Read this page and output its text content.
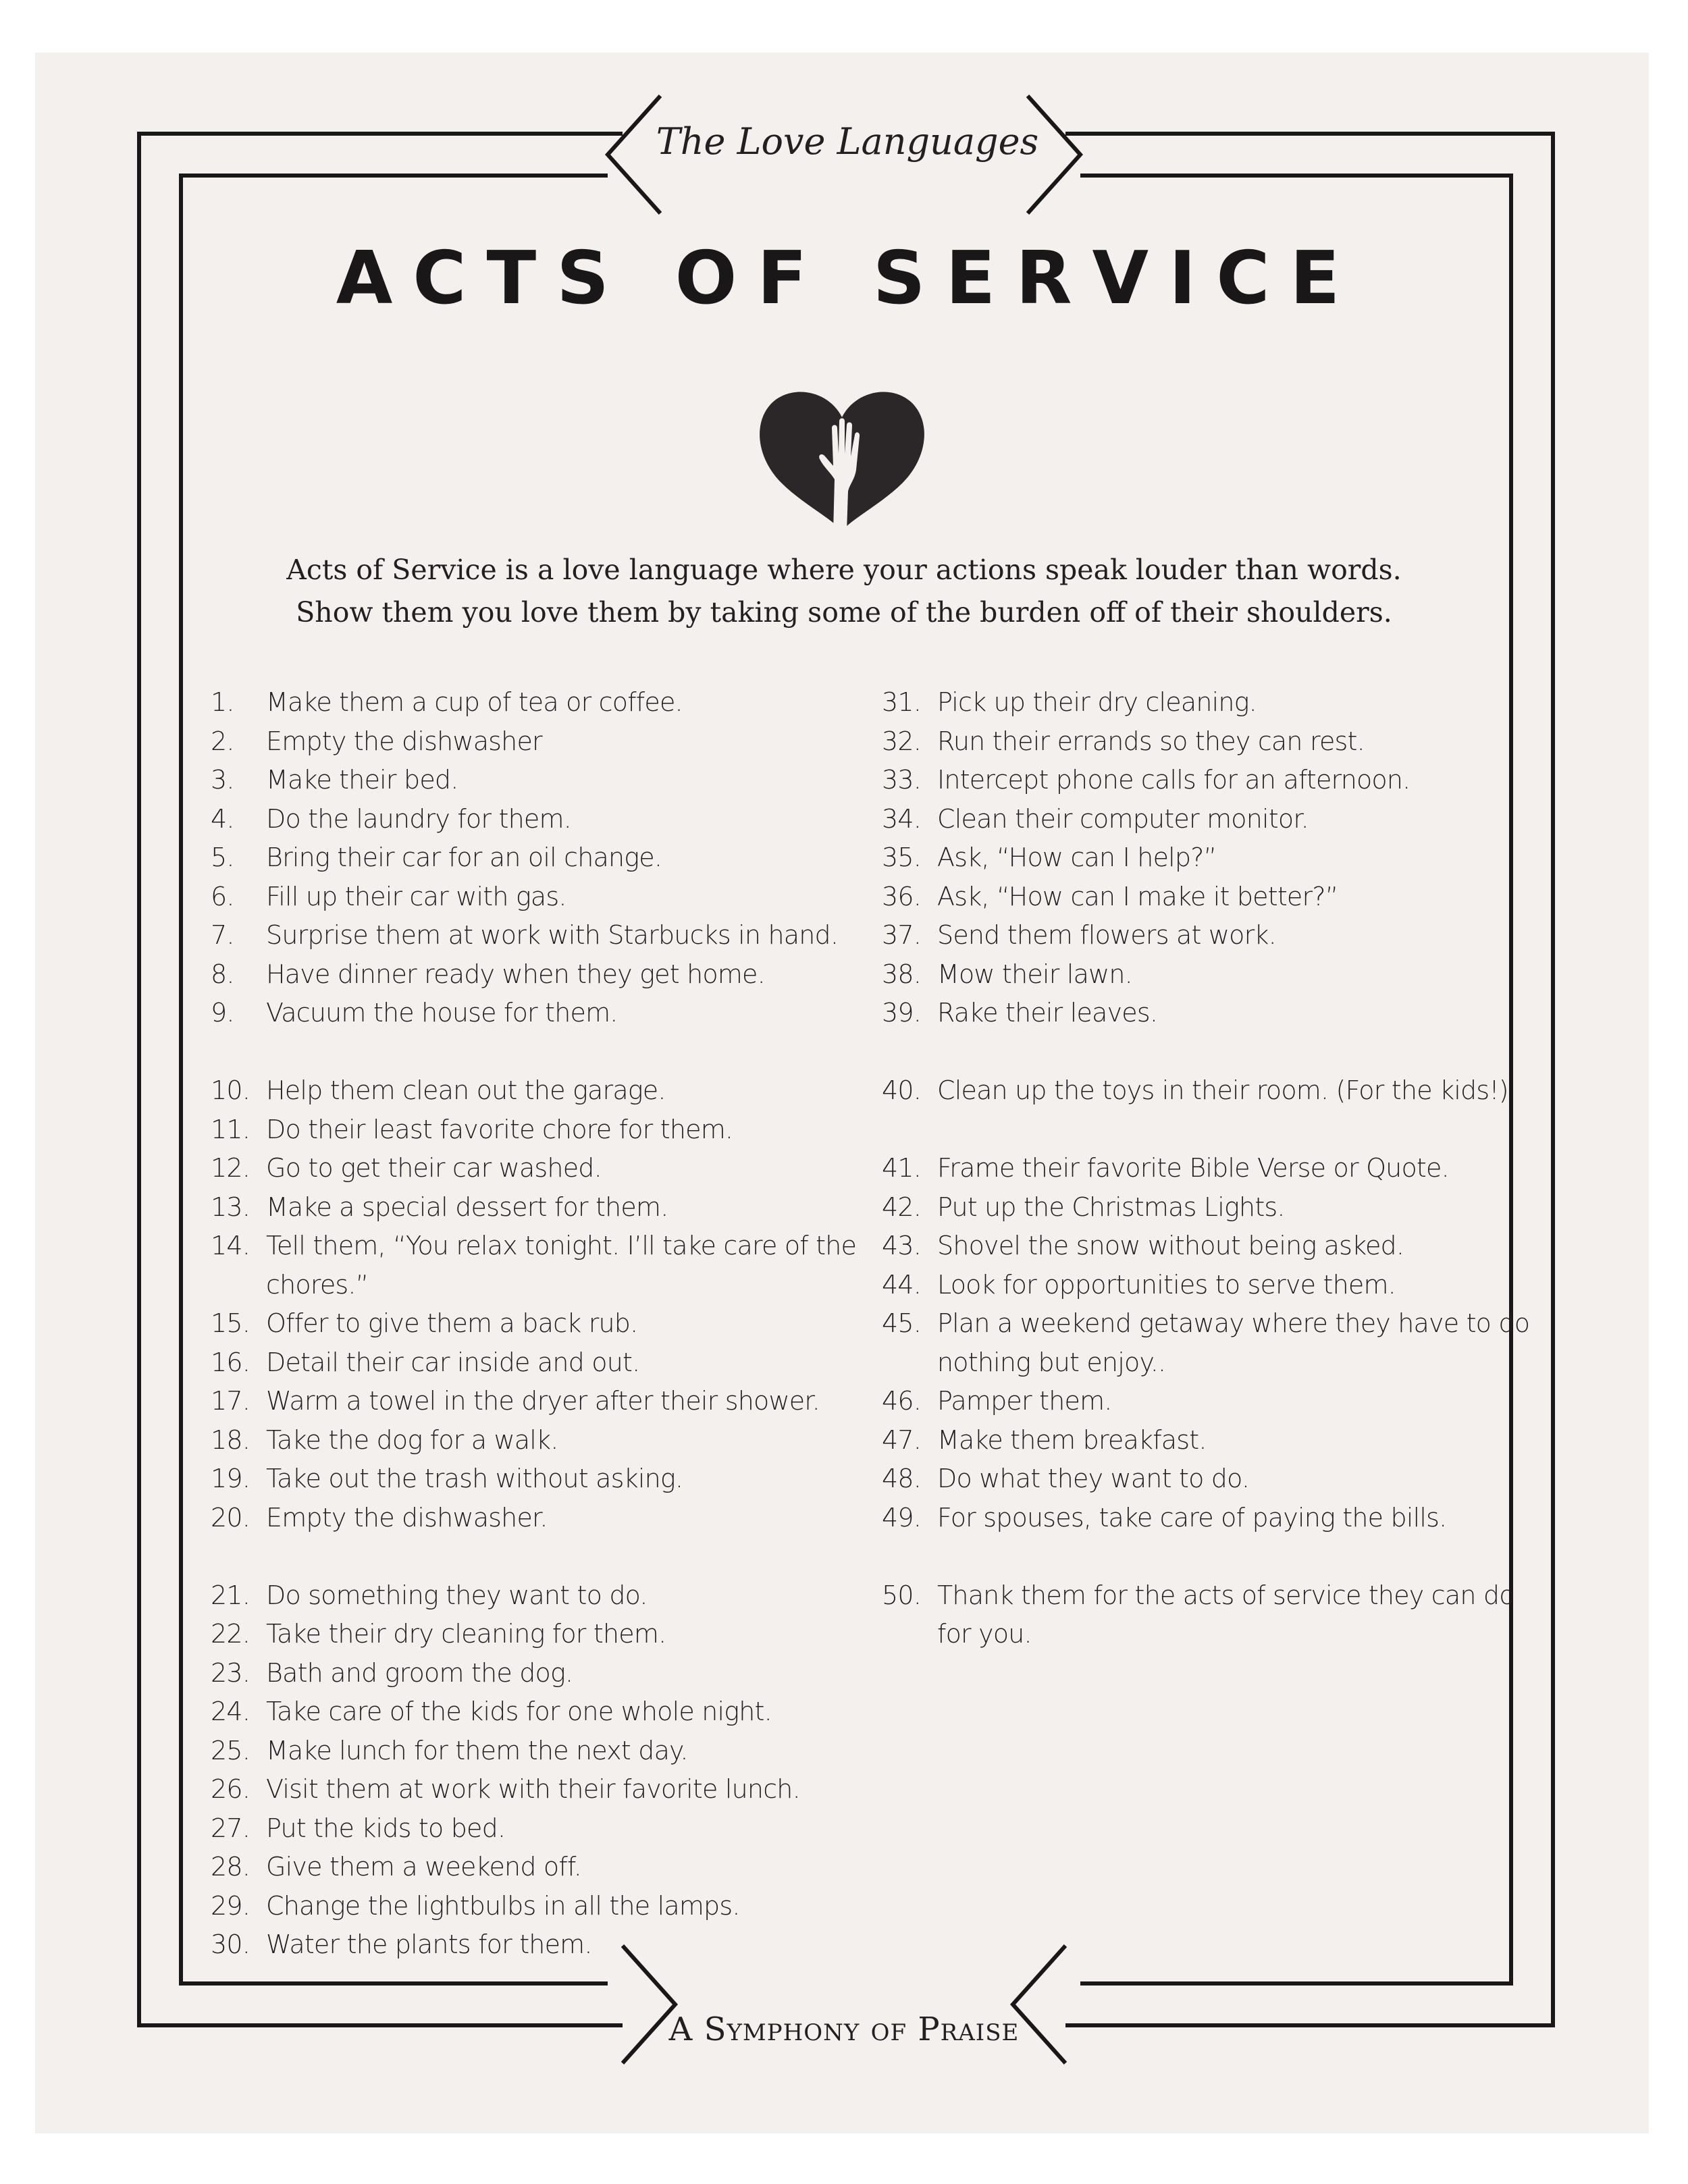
The Love Languages
ACTS OF SERVICE
Acts of Service is a love language where your actions speak louder than words.
Show them you love them by taking some of the burden off of their shoulders.
1. Make them a cup of tea or coffee.
2. Empty the dishwasher
3. Make their bed.
4. Do the laundry for them.
5. Bring their car for an oil change.
6. Fill up their car with gas.
7. Surprise them at work with Starbucks in hand.
8. Have dinner ready when they get home.
9. Vacuum the house for them.
10. Help them clean out the garage.
11. Do their least favorite chore for them.
12. Go to get their car washed.
13. Make a special dessert for them.
14. Tell them, “You relax tonight. I’ll take care of the chores.”
15. Offer to give them a back rub.
16. Detail their car inside and out.
17. Warm a towel in the dryer after their shower.
18. Take the dog for a walk.
19. Take out the trash without asking.
20. Empty the dishwasher.
21. Do something they want to do.
22. Take their dry cleaning for them.
23. Bath and groom the dog.
24. Take care of the kids for one whole night.
25. Make lunch for them the next day.
26. Visit them at work with their favorite lunch.
27. Put the kids to bed.
28. Give them a weekend off.
29. Change the lightbulbs in all the lamps.
30. Water the plants for them.
31. Pick up their dry cleaning.
32. Run their errands so they can rest.
33. Intercept phone calls for an afternoon.
34. Clean their computer monitor.
35. Ask, “How can I help?”
36. Ask, “How can I make it better?”
37. Send them flowers at work.
38. Mow their lawn.
39. Rake their leaves.
40. Clean up the toys in their room. (For the kids!)
41. Frame their favorite Bible Verse or Quote.
42. Put up the Christmas Lights.
43. Shovel the snow without being asked.
44. Look for opportunities to serve them.
45. Plan a weekend getaway where they have to do nothing but enjoy..
46. Pamper them.
47. Make them breakfast.
48. Do what they want to do.
49. For spouses, take care of paying the bills.
50. Thank them for the acts of service they can do for you.
A Symphony of Praise
